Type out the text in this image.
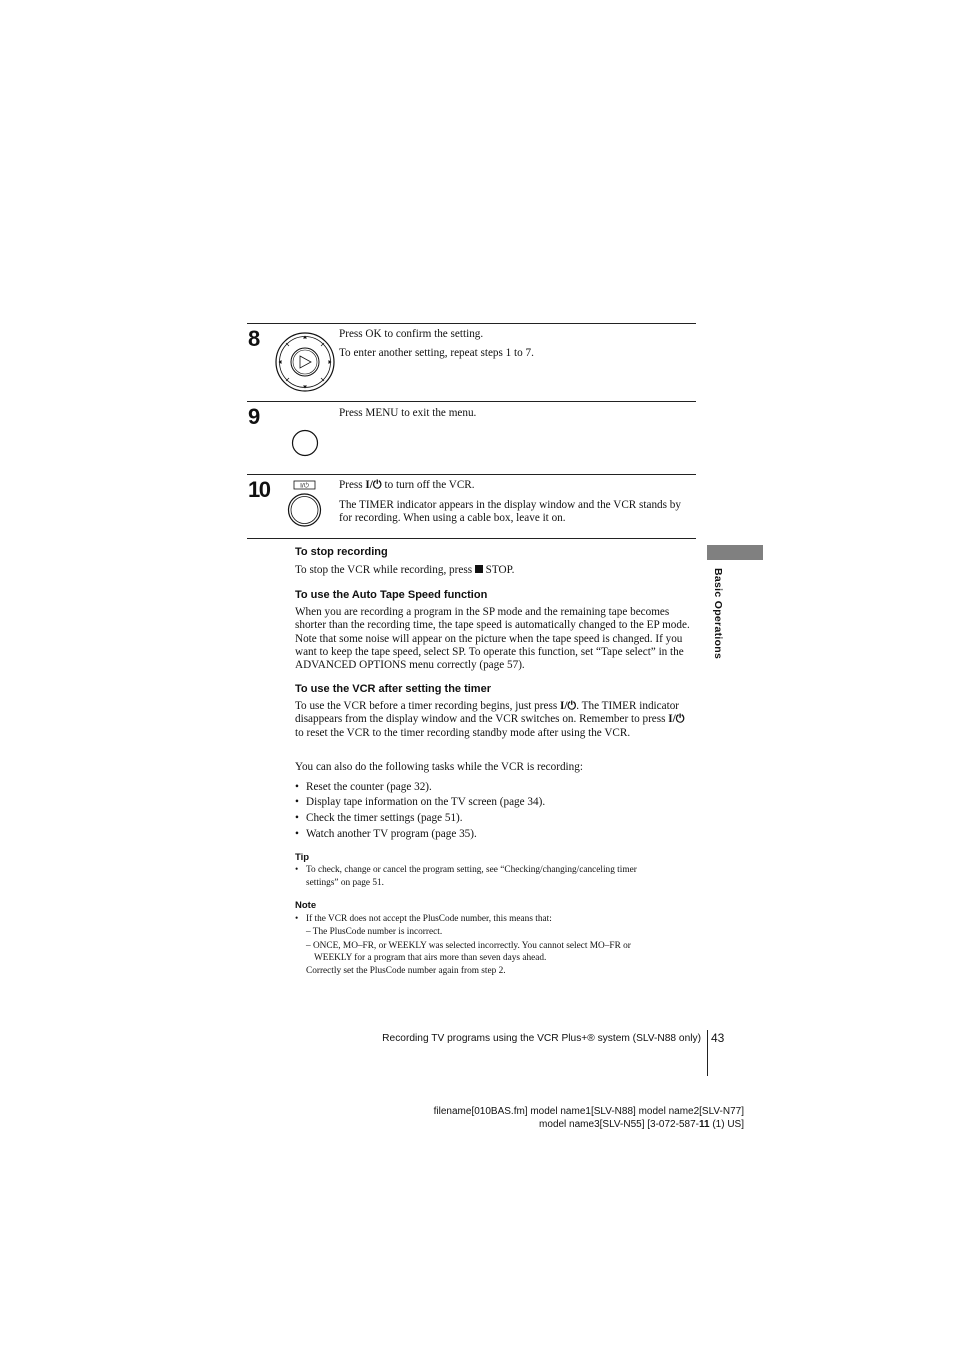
8	Press OK to confirm the setting.

To enter another setting, repeat steps 1 to 7.

9	Press MENU to exit the menu.

10	I/⏻	Press I/⏻ to turn off the VCR.

The TIMER indicator appears in the display window and the VCR stands by for recording. When using a cable box, leave it on.

To stop recording

To stop the VCR while recording, press  STOP.

To use the Auto Tape Speed function
When you are recording a program in the SP mode and the remaining tape becomes shorter than the recording time, the tape speed is automatically changed to the EP mode. Note that some noise will appear on the picture when the tape speed is changed. If you want to keep the tape speed, select SP. To operate this function, set “Tape select” in the ADVANCED OPTIONS menu correctly (page 57).
To use the VCR after setting the timer

To use the VCR before a timer recording begins, just press I/⏻. The TIMER indicator disappears from the display window and the VCR switches on. Remember to press I/⏻ to reset the VCR to the timer recording standby mode after using the VCR.

You can also do the following tasks while the VCR is recording:
• Reset the counter (page 32).
• Display tape information on the TV screen (page 34).
• Check the timer settings (page 51).
• Watch another TV program (page 35).
Tip
• To check, change or cancel the program setting, see “Checking/changing/canceling timer
settings” on page 51.
Note
• If the VCR does not accept the PlusCode number, this means that:
– The PlusCode number is incorrect.
– ONCE, MO–FR, or WEEKLY was selected incorrectly. You cannot select MO–FR or
WEEKLY for a program that airs more than seven days ahead.
Correctly set the PlusCode number again from step 2.
Basic Operations
Recording TV programs using the VCR Plus+® system (SLV-N88 only) 43
filename[010BAS.fm] model name1[SLV-N88] model name2[SLV-N77]
model name3[SLV-N55] [3-072-587-11 (1) US]
